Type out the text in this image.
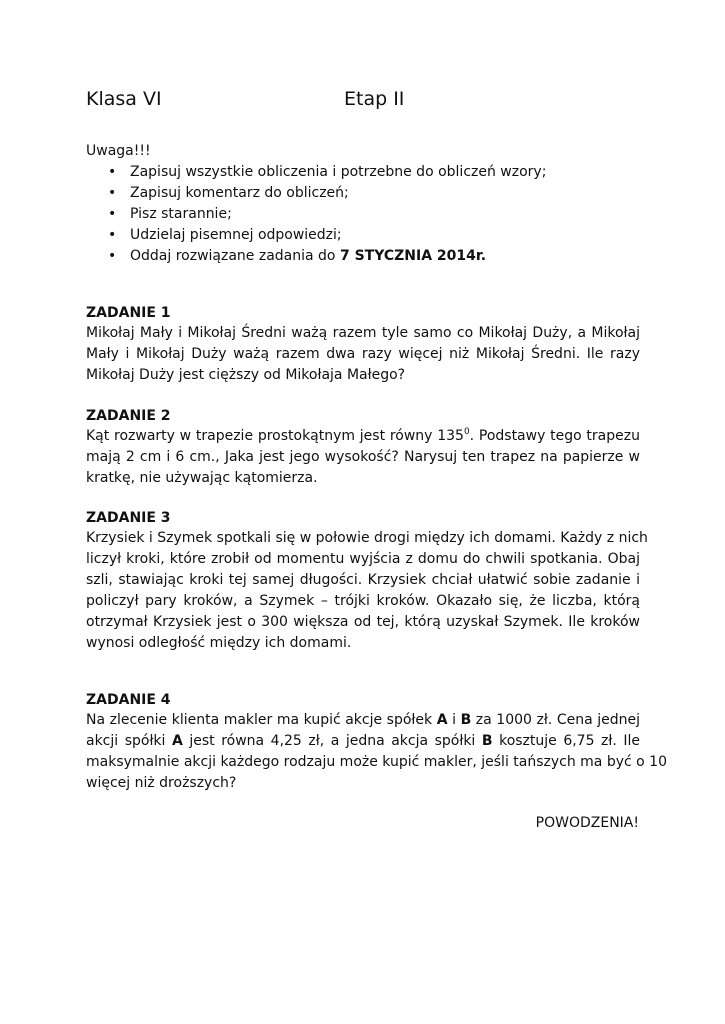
Klasa VI	Etap II
Uwaga!!!
• Zapisuj wszystkie obliczenia i potrzebne do obliczeń wzory;
• Zapisuj komentarz do obliczeń;
• Pisz starannie;
• Udzielaj pisemnej odpowiedzi;
• Oddaj rozwiązane zadania do 7 STYCZNIA 2014r.
ZADANIE 1
Mikołaj Mały i Mikołaj Średni ważą razem tyle samo co Mikołaj Duży, a Mikołaj
Mały i Mikołaj Duży ważą razem dwa razy więcej niż Mikołaj Średni. Ile razy
Mikołaj Duży jest cięższy od Mikołaja Małego?
ZADANIE 2
Kąt rozwarty w trapezie prostokątnym jest równy $135^0$. Podstawy tego trapezu
mają 2 cm i 6 cm., Jaka jest jego wysokość? Narysuj ten trapez na papierze w
kratkę, nie używając kątomierza.
ZADANIE 3
Krzysiek i Szymek spotkali się w połowie drogi między ich domami. Każdy z nich
liczył kroki, które zrobił od momentu wyjścia z domu do chwili spotkania. Obaj
szli, stawiając kroki tej samej długości. Krzysiek chciał ułatwić sobie zadanie i
policzył pary kroków, a Szymek – trójki kroków. Okazało się, że liczba, którą
otrzymał Krzysiek jest o 300 większa od tej, którą uzyskał Szymek. Ile kroków
wynosi odległość między ich domami.
ZADANIE 4
Na zlecenie klienta makler ma kupić akcje spółek A i B za 1000 zł. Cena jednej
akcji spółki A jest równa 4,25 zł, a jedna akcja spółki B kosztuje 6,75 zł. Ile
maksymalnie akcji każdego rodzaju może kupić makler, jeśli tańszych ma być o 10
więcej niż droższych?
POWODZENIA!
